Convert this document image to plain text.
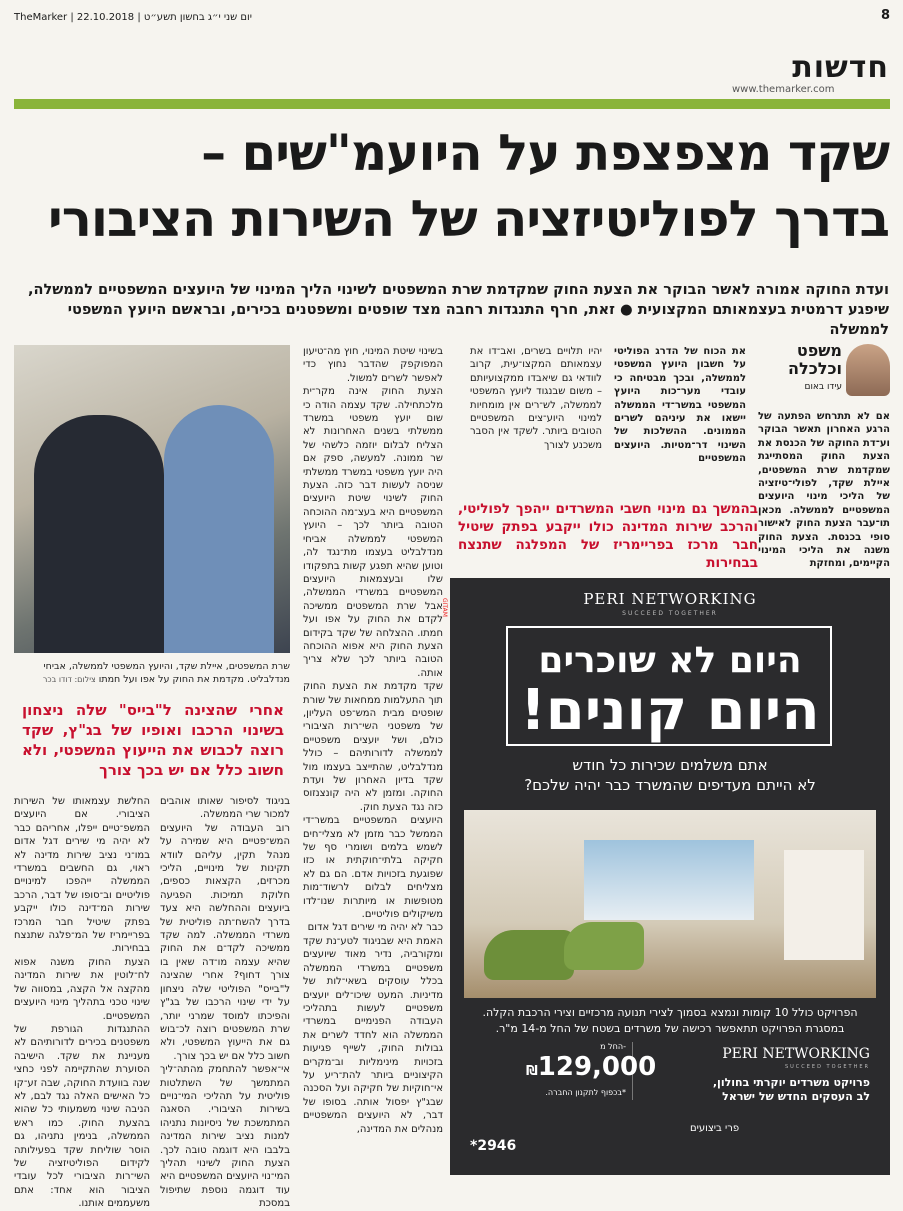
TheMarker | 22.10.2018 | יום שני י״ג בחשון תשע״ט	8
חדשות
www.themarker.com
שקד מצפצפת על היועמ"שים –
בדרך לפוליטיזציה של השירות הציבורי
ועדת החוקה אמורה לאשר הבוקר את הצעת החוק שמקדמת שרת המשפטים לשינוי הליך המינוי של היועצים המשפטיים לממשלה,
שיפגע דרמטית בעצמאותם המקצועית ● זאת, חרף התנגדות רחבה מצד שופטים ומשפטנים בכירים, ובראשם היועץ המשפטי לממשלה
משפט וכלכלה
עידו באום
אם לא תתרחש הפתעה של הרגע האחרון תאשר הבוקר וע־דת החוקה של הכנסת את הצעת החוק המסתייגת שמקדמת שרת המשפטים, איילת שקד, לפולי־טיזציה של הליכי מינוי היועצים המשפטיים לממשלה. מכאן תו־עבר הצעת החוק לאישור סופי בכנסת. הצעת החוק משנה את הליכי המינוי הקיימים, ומחזקת
את הכוח של הדרג הפוליטי על חשבון היועץ המשפטי לממשלה, ובכך מבטיחה כי עובדי מער־כות היועץ המשפטי במשר־די הממשלה יישאו את עיניהם לשרים הממונים. ההשלכות של השינוי דר־מטיות. היועצים המשפטיים
יהיו תלויים בשרים, ואב־דו את עצמאותם המקצו־עית, קרוב לוודאי גם שיאבדו ממקצועיותם – משום שבנגוד ליועץ המשפטי לממשלה, לש־רים אין מומחיות למינוי היוע־צים המשפטיים הטובים ביותר. לשקד אין הסבר משכנע לצורך
בהמשך גם מינוי חשבי המשרדים ייהפך לפוליטי, והרכב שירות המדינה כולו ייקבע בפתק שיטיל חבר מרכז בפריימריז של המפלגה שתנצח בבחירות
בשינוי שיטת המינוי, חוץ מה־טיעון המפוקפק שהדבר נחוץ כדי לאפשר לשרים למשול.
הצעת החוק אינה מקר־ית מלכתחילה. שקד עצמה הודה כי שום יועץ משפטי במשרד ממשלתי בשנים האחרונות לא הצליח לבלום יוזמה כלשהי של שר ממונה. למעשה, ספק אם היה יועץ משפטי במשרד ממשלתי שניסה לעשות דבר כזה. הצעת החוק לשינוי שיטת היועצים המשפטיים היא בעצ־מה ההוכחה הטובה ביותר לכך – היועץ המשפטי לממשלה אביחי מנדלבליט בעצמו מת־נגד לה, וטוען שהיא תפגע קשות בתפקודו שלו ובעצמאות היועצים המשפטיים במשרדי הממשלה, אבל שרת המשפטים ממשיכה לקדם את החוק על אפו ועל חמתו. ההצלחה של שקד בקידום הצעת החוק היא אפוא ההוכחה הטובה ביותר לכך שלא צריך אותה.
שקד מקדמת את הצעת החוק תוך התעלמות ממחאות של שורת שופטים מבית המש־פט העליון, של משפטני השי־רות הציבורי כולם, ושל יועצים משפטיים לממשלה לדורותיהם – כולל מנדלבליט, שהתייצב בעצמו מול שקד בדיון האחרון של ועדת החוקה. ומזמן לא היה קונצנזוס כזה נגד הצעת חוק.
היועצים המשפטיים במשר־די הממשל כבר מזמן לא מצלי־חים לשמש בלמים ושומרי סף של חקיקה בלתי־חוקתית או כזו שפוגעת בזכויות אדם. הם גם לא מצליחים לבלום לרשוד־מות מטופשות או מיותרות שנו־לדו משיקולים פוליטיים.
כבר לא יהיה מי שירים דגל אדום
האמת היא שבניגוד לטע־נת שקד ומקורביה, נדיר מאוד שיועצים משפטיים במשרדי הממשלה בכלל עוסקים בשאי־לות של מדיניות. המעט שיכו־לים יועצים משפטיים לעשות בתהליכי העבודה הפנימיים במשרדי הממשלה הוא לחדד לשרים את גבולות החוק, לשייף פגיעות בזכויות מינימליות וב־מקרים הקיצוניים ביותר להת־ריע על אי־חוקיות של חקיקה ועל הסכנה שבג"ץ יפסול אותה. בסופו של דבר, לא היועצים המשפטיים מנהלים את המדינה,
שרת המשפטים, איילת שקד, והיועץ המשפטי לממשלה, אביחי מנדלבליט. מקדמת את החוק על אפו ועל חמתו צילום: דודו בכר
אחרי שהצינה ל"בייס" שלה ניצחון בשינוי הרכבו ואופיו של בג"ץ, שקד רוצה לכבוש את הייעוץ המשפטי, ולא חשוב כלל אם יש בכך צורך
בניגוד לסיפור שאותו אוהבים למכור שרי הממשלה.
רוב העבודה של היועצים המש־פטיים היא שמירה על מנהל תקין, עליהם לוודא תקינות של מינויים, הליכי מכרזים, הקצאות כספים, חלוקת תמיכות. הפגיעה ביועצים וההחלשה היא צעד בדרך להשח־תה פוליטית של משרדי הממשלה. למה שקד ממשיכה לקד־ם את החוק שהיא עצמה מו־דה שאין בו צורך דחוף? אחרי שהצינה ל"בייס" הפוליטי שלה ניצחון על ידי שינוי הרכבו של בג"ץ והפיכתו למוסד שמרני יותר, שרת המשפטים רוצה לכ־בוש גם את הייעוץ המשפטי, ולא חשוב כלל אם יש בכך צורך.
אי־אפשר להתחמק מהתה־ליך המתמשך של השתלטות פוליטית על תהליכי המי־נויים בשירות הציבורי. הסאגה המתמשכת של ניסיונות נתניהו למנות נציב שירות המדינה בלבבו היא דוגמה טובה לכך. הצעת החוק לשינוי תהליך המי־נוי היועצים המשפטיים היא עוד דוגמה נוספת שתיפול במסכת
החלשת עצמאותו של השירות הציבורי. אם היועצים המשפ־טיים ייפלו, אחריהם כבר לא יהיה מי שירים דגל אדום במו־ני נציב שירות מדינה לא ראוי, גם החשבים במשרדי הממשלה ייהפכו למינויים פוליטיים וב־סופו של דבר, הרכב שירות המ־דינה כולו ייקבע בפתק שיטיל חבר המרכז בפריימריז של המ־פלגה שתנצח בבחירות.
הצעת החוק משנה אפוא לח־לוטין את שירות המדינה מהקצה אל הקצה, במסווה של שינוי טכני בתהליך מינוי היועצים המשפטיים.
ההתנגדות הגורפת של משפטנים בכירים לדורותיהם לא מעניינת את שקד. הישיבה הסוערת שהתקיימה לפני כחצי שנה בוועדת החוקה, שבה זע־קו כל האישים האלה נגד לבם, לא הניבה שינוי משמעותי כל שהוא בהצעת החוק. כמו ראש הממשלה, בנימין נתניהו, גם הוסר שוליחת שקד בפעילותה לקידום הפוליטיזציה של השי־רות הציבורי לכל עובדי הציבור הוא אחד: אתם משעממים אותנו.
GITAM	PERI NETWORKING
SUCCEED TOGETHER
היום לא שוכרים
היום קונים!
אתם משלמים שכירות כל חודש
לא הייתם מעדיפים שהמשרד כבר יהיה שלכם?
הפרויקט כולל 10 קומות ונמצא בסמוך לצירי תנועה מרכזיים וצירי הרכבת הקלה.
במסגרת הפרויקט תתאפשר רכישה של משרדים בשטח של החל מ-14 מ"ר.
PERI NETWORKING
SUCCEED TOGETHER
פרויקט משרדים יוקרתי בחולון,
לב העסקים החדש של ישראל
החל מ-
₪129,000
*בכפוף לתקנון החברה.
פרי ביצועים
*2946
